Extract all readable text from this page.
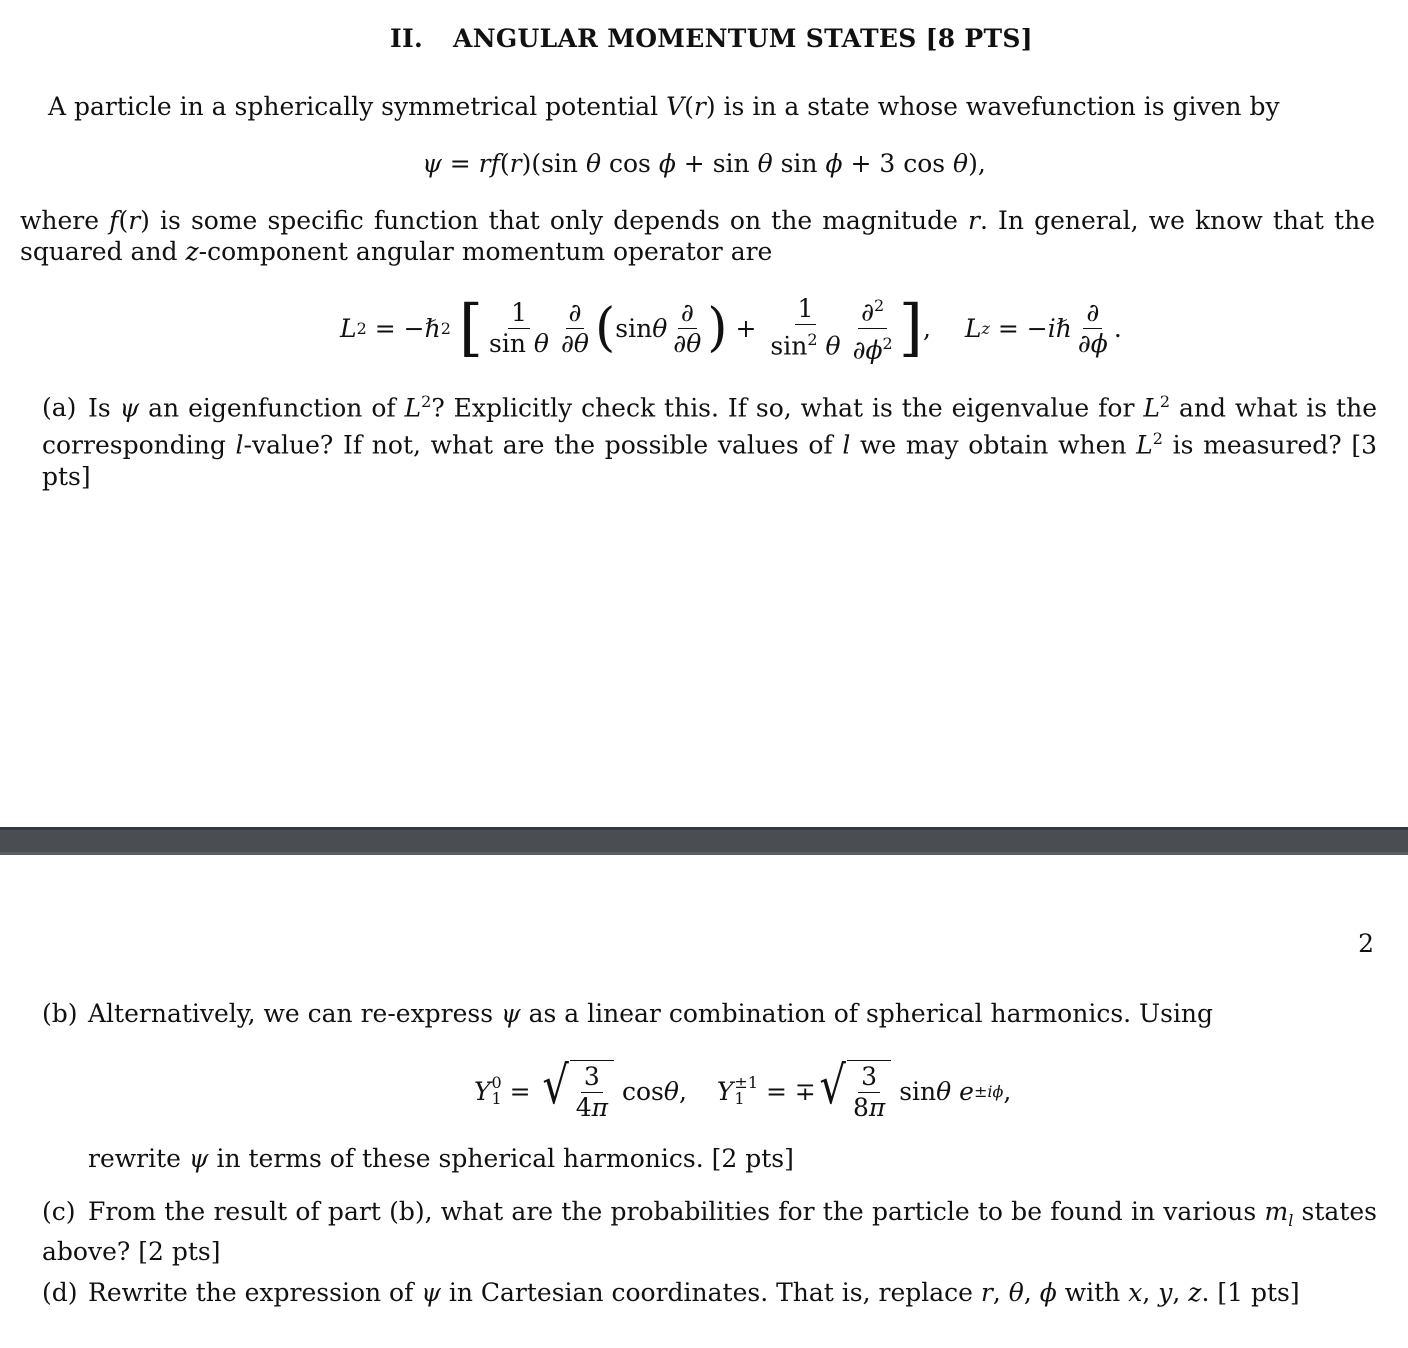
II. ANGULAR MOMENTUM STATES [8 PTS]
A particle in a spherically symmetrical potential V(r) is in a state whose wavefunction is given by
ψ = rf(r)(sin θ cos ϕ + sin θ sin ϕ + 3 cos θ),
where f(r) is some specific function that only depends on the magnitude r. In general, we know that the squared and z-component angular momentum operator are
L 2 = − ℏ 2
[ $\frac{1}{\text{sin θ}} \frac{\partial}{\partial\theta}$ ( sin θ $\frac{\partial}{\partial\theta}$ ) + $\frac{1}{\sin^2 \theta} \frac{\partial^2}{\partial\phi^2}$ ] , L z = − iℏ $\frac{\partial}{\partial\phi}$ .
(a) Is ψ an eigenfunction of $L^2$? Explicitly check this. If so, what is the eigenvalue for $L^2$ and what is the corresponding l-value? If not, what are the possible values of l we may obtain when $L^2$ is measured? [3 pts]
2
(b) Alternatively, we can re-express ψ as a linear combination of spherical harmonics. Using
Y 0
1 = √ $\frac{3}{4\pi}$ cos θ , Y ±1
1 = ∓ √ $\frac{3}{8\pi}$ sin θ
e ±iϕ ,
rewrite ψ in terms of these spherical harmonics. [2 pts]
(c) From the result of part (b), what are the probabilities for the particle to be found in various $m_l$ states above? [2 pts]
(d) Rewrite the expression of ψ in Cartesian coordinates. That is, replace r, θ, ϕ with x, y, z. [1 pts]
